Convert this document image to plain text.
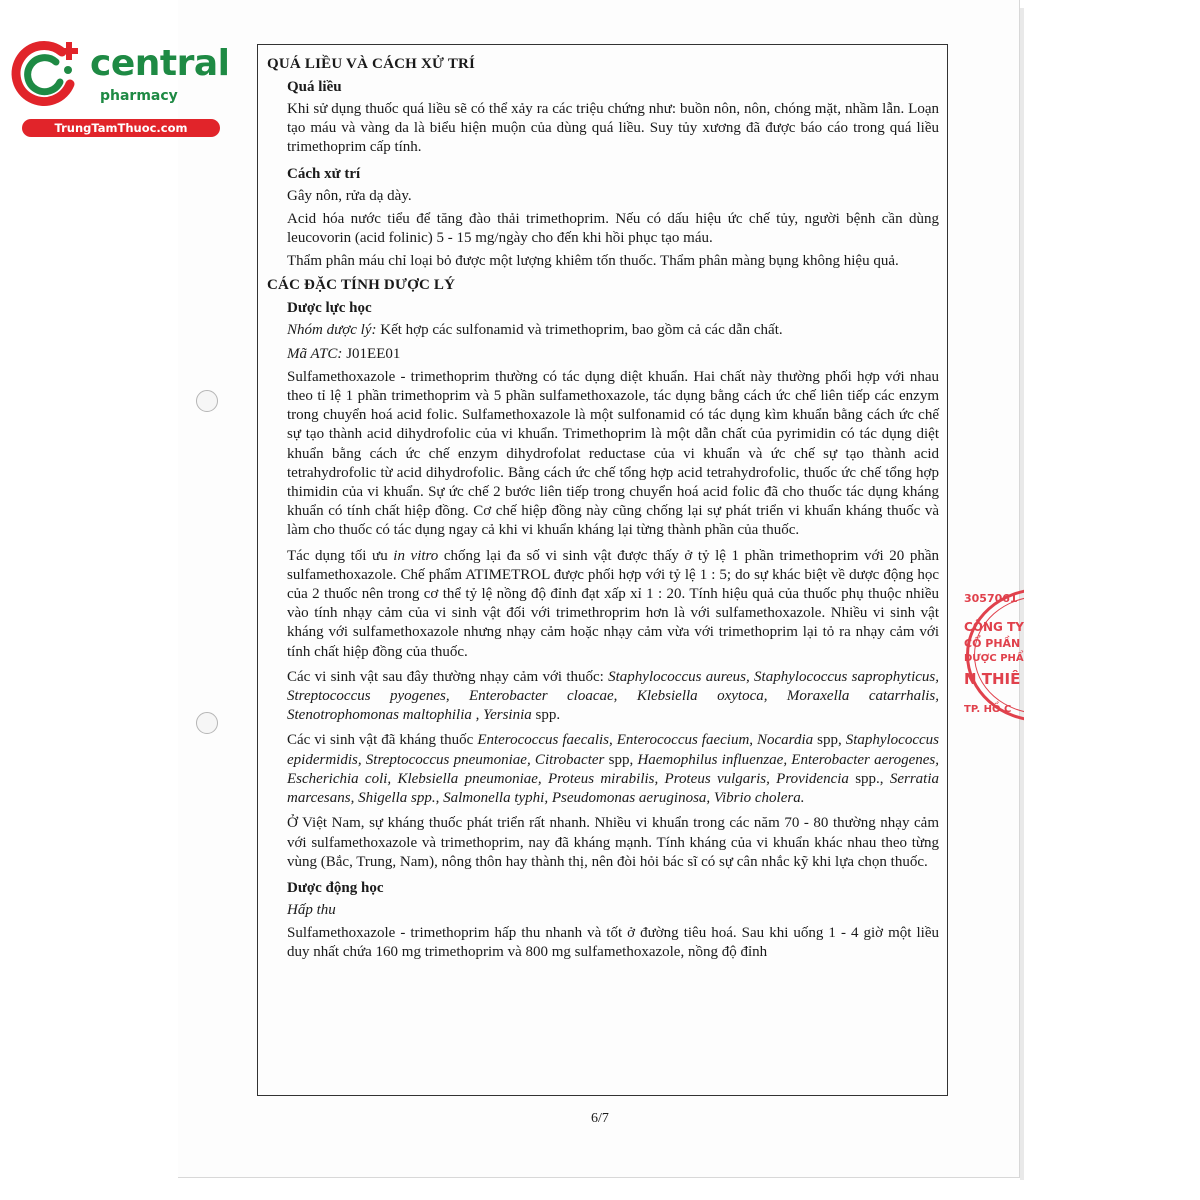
central
pharmacy
TrungTamThuoc.com
QUÁ LIỀU VÀ CÁCH XỬ TRÍ
Quá liều
Khi sử dụng thuốc quá liều sẽ có thể xảy ra các triệu chứng như: buồn nôn, nôn, chóng mặt, nhầm lẫn. Loạn tạo máu và vàng da là biểu hiện muộn của dùng quá liều. Suy tủy xương đã được báo cáo trong quá liều trimethoprim cấp tính.
Cách xử trí
Gây nôn, rửa dạ dày.
Acid hóa nước tiểu để tăng đào thải trimethoprim. Nếu có dấu hiệu ức chế tủy, người bệnh cần dùng leucovorin (acid folinic) 5 - 15 mg/ngày cho đến khi hồi phục tạo máu.
Thẩm phân máu chỉ loại bỏ được một lượng khiêm tốn thuốc. Thẩm phân màng bụng không hiệu quả.
CÁC ĐẶC TÍNH DƯỢC LÝ
Dược lực học
Nhóm dược lý: Kết hợp các sulfonamid và trimethoprim, bao gồm cả các dẫn chất.
Mã ATC: J01EE01
Sulfamethoxazole - trimethoprim thường có tác dụng diệt khuẩn. Hai chất này thường phối hợp với nhau theo tỉ lệ 1 phần trimethoprim và 5 phần sulfamethoxazole, tác dụng bằng cách ức chế liên tiếp các enzym trong chuyển hoá acid folic. Sulfamethoxazole là một sulfonamid có tác dụng kìm khuẩn bằng cách ức chế sự tạo thành acid dihydrofolic của vi khuẩn. Trimethoprim là một dẫn chất của pyrimidin có tác dụng diệt khuẩn bằng cách ức chế enzym dihydrofolat reductase của vi khuẩn và ức chế sự tạo thành acid tetrahydrofolic từ acid dihydrofolic. Bằng cách ức chế tổng hợp acid tetrahydrofolic, thuốc ức chế tổng hợp thimidin của vi khuẩn. Sự ức chế 2 bước liên tiếp trong chuyển hoá acid folic đã cho thuốc tác dụng kháng khuẩn có tính chất hiệp đồng. Cơ chế hiệp đồng này cũng chống lại sự phát triển vi khuẩn kháng thuốc và làm cho thuốc có tác dụng ngay cả khi vi khuẩn kháng lại từng thành phần của thuốc.
Tác dụng tối ưu in vitro chống lại đa số vi sinh vật được thấy ở tỷ lệ 1 phần trimethoprim với 20 phần sulfamethoxazole. Chế phẩm ATIMETROL được phối hợp với tỷ lệ 1 : 5; do sự khác biệt về dược động học của 2 thuốc nên trong cơ thể tỷ lệ nồng độ đỉnh đạt xấp xỉ 1 : 20. Tính hiệu quả của thuốc phụ thuộc nhiều vào tính nhạy cảm của vi sinh vật đối với trimethroprim hơn là với sulfamethoxazole. Nhiều vi sinh vật kháng với sulfamethoxazole nhưng nhạy cảm hoặc nhạy cảm vừa với trimethoprim lại tỏ ra nhạy cảm với tính chất hiệp đồng của thuốc.
Các vi sinh vật sau đây thường nhạy cảm với thuốc: Staphylococcus aureus, Staphylococcus saprophyticus, Streptococcus pyogenes, Enterobacter cloacae, Klebsiella oxytoca, Moraxella catarrhalis, Stenotrophomonas maltophilia , Yersinia spp.
Các vi sinh vật đã kháng thuốc Enterococcus faecalis, Enterococcus faecium, Nocardia spp, Staphylococcus epidermidis, Streptococcus pneumoniae, Citrobacter spp, Haemophilus influenzae, Enterobacter aerogenes, Escherichia coli, Klebsiella pneumoniae, Proteus mirabilis, Proteus vulgaris, Providencia spp., Serratia marcesans, Shigella spp., Salmonella typhi, Pseudomonas aeruginosa, Vibrio cholera.
Ở Việt Nam, sự kháng thuốc phát triển rất nhanh. Nhiều vi khuẩn trong các năm 70 - 80 thường nhạy cảm với sulfamethoxazole và trimethoprim, nay đã kháng mạnh. Tính kháng của vi khuẩn khác nhau theo từng vùng (Bắc, Trung, Nam), nông thôn hay thành thị, nên đòi hỏi bác sĩ có sự cân nhắc kỹ khi lựa chọn thuốc.
Dược động học
Hấp thu
Sulfamethoxazole - trimethoprim hấp thu nhanh và tốt ở đường tiêu hoá. Sau khi uống 1 - 4 giờ một liều duy nhất chứa 160 mg trimethoprim và 800 mg sulfamethoxazole, nồng độ đỉnh
6/7
3057061
CÔNG TY
CỔ PHẦN
DƯỢC PHẨ
N THIÊ
TP. HỒ C
